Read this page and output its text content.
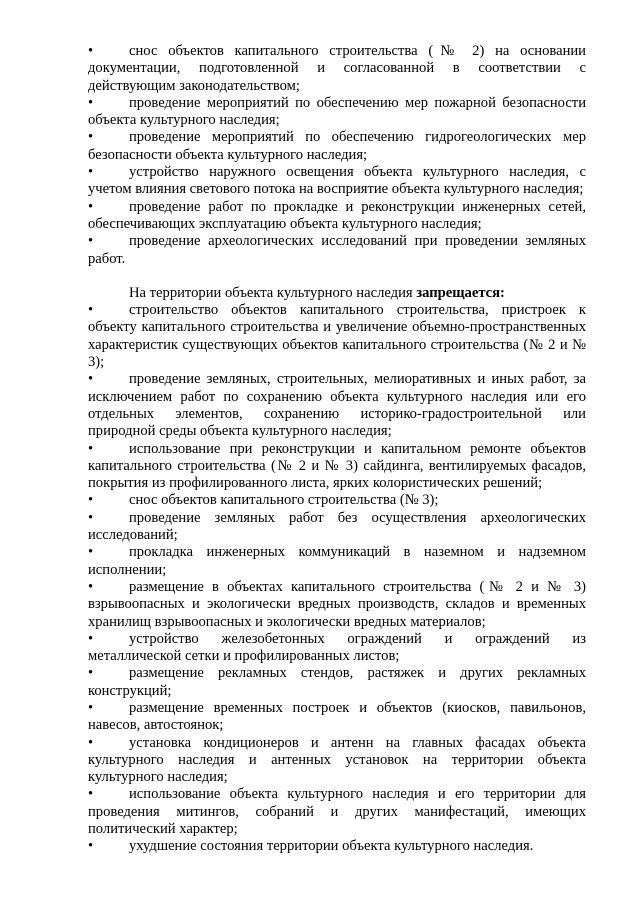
• снос объектов капитального строительства (№ 2) на основании документации, подготовленной и согласованной в соответствии с действующим законодательством;

• проведение мероприятий по обеспечению мер пожарной безопасности объекта культурного наследия;

• проведение мероприятий по обеспечению гидрогеологических мер безопасности объекта культурного наследия;

• устройство наружного освещения объекта культурного наследия, с учетом влияния светового потока на восприятие объекта культурного наследия;

• проведение работ по прокладке и реконструкции инженерных сетей, обеспечивающих эксплуатацию объекта культурного наследия;

• проведение археологических исследований при проведении земляных работ.

На территории объекта культурного наследия запрещается:

• строительство объектов капитального строительства, пристроек к объекту капитального строительства и увеличение объемно-пространственных характеристик существующих объектов капитального строительства (№ 2 и № 3);

• проведение земляных, строительных, мелиоративных и иных работ, за исключением работ по сохранению объекта культурного наследия или его отдельных элементов, сохранению историко-градостроительной или природной среды объекта культурного наследия;

• использование при реконструкции и капитальном ремонте объектов капитального строительства (№ 2 и № 3) сайдинга, вентилируемых фасадов, покрытия из профилированного листа, ярких колористических решений;

• снос объектов капитального строительства (№ 3);

• проведение земляных работ без осуществления археологических исследований;

• прокладка инженерных коммуникаций в наземном и надземном исполнении;

• размещение в объектах капитального строительства (№ 2 и № 3) взрывоопасных и экологически вредных производств, складов и временных хранилищ взрывоопасных и экологически вредных материалов;

• устройство железобетонных ограждений и ограждений из металлической сетки и профилированных листов;

• размещение рекламных стендов, растяжек и других рекламных конструкций;

• размещение временных построек и объектов (киосков, павильонов, навесов, автостоянок;

• установка кондиционеров и антенн на главных фасадах объекта культурного наследия и антенных установок на территории объекта культурного наследия;

• использование объекта культурного наследия и его территории для проведения митингов, собраний и других манифестаций, имеющих политический характер;

• ухудшение состояния территории объекта культурного наследия.
